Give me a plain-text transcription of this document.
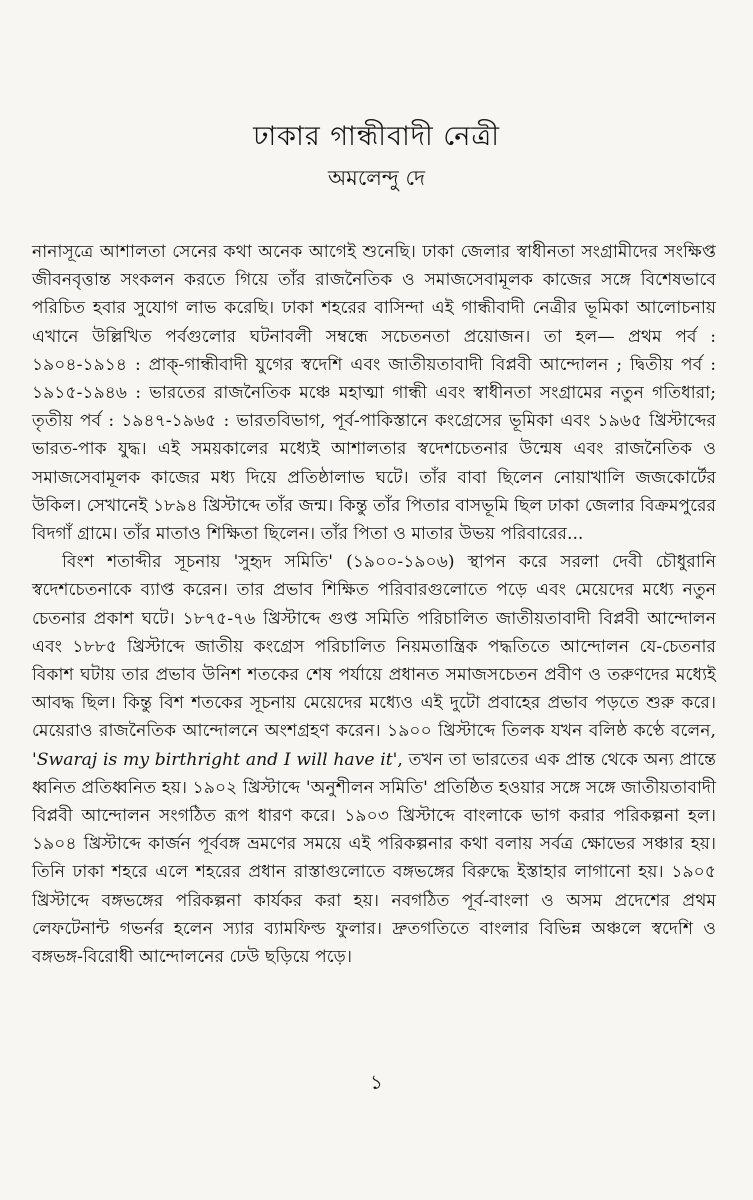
ঢাকার গান্ধীবাদী নেত্রী
অমলেন্দু দে

নানাসূত্রে আশালতা সেনের কথা অনেক আগেই শুনেছি। ঢাকা জেলার স্বাধীনতা সংগ্রামীদের সংক্ষিপ্ত জীবনবৃত্তান্ত সংকলন করতে গিয়ে তাঁর রাজনৈতিক ও সমাজসেবামূলক কাজের সঙ্গে বিশেষভাবে পরিচিত হবার সুযোগ লাভ করেছি। ঢাকা শহরের বাসিন্দা এই গান্ধীবাদী নেত্রীর ভূমিকা আলোচনায় এখানে উল্লিখিত পর্বগুলোর ঘটনাবলী সম্বন্ধে সচেতনতা প্রয়োজন। তা হল— প্রথম পর্ব : ১৯০৪-১৯১৪ : প্রাক্-গান্ধীবাদী যুগের স্বদেশি এবং জাতীয়তাবাদী বিপ্লবী আন্দোলন ; দ্বিতীয় পর্ব : ১৯১৫-১৯৪৬ : ভারতের রাজনৈতিক মঞ্চে মহাত্মা গান্ধী এবং স্বাধীনতা সংগ্রামের নতুন গতিধারা; তৃতীয় পর্ব : ১৯৪৭-১৯৬৫ : ভারতবিভাগ, পূর্ব-পাকিস্তানে কংগ্রেসের ভূমিকা এবং ১৯৬৫ খ্রিস্টাব্দের ভারত-পাক যুদ্ধ। এই সময়কালের মধ্যেই আশালতার স্বদেশচেতনার উন্মেষ এবং রাজনৈতিক ও সমাজসেবামূলক কাজের মধ্য দিয়ে প্রতিষ্ঠালাভ ঘটে। তাঁর বাবা ছিলেন নোয়াখালি জজকোর্টের উকিল। সেখানেই ১৮৯৪ খ্রিস্টাব্দে তাঁর জন্ম। কিন্তু তাঁর পিতার বাসভূমি ছিল ঢাকা জেলার বিক্রমপুরের বিদগাঁ গ্রামে। তাঁর মাতাও শিক্ষিতা ছিলেন। তাঁর পিতা ও মাতার উভয় পরিবারের...

বিংশ শতাব্দীর সূচনায় 'সুহৃদ সমিতি' (১৯০০-১৯০৬) স্থাপন করে সরলা দেবী চৌধুরানি স্বদেশচেতনাকে ব্যাপ্ত করেন। তার প্রভাব শিক্ষিত পরিবারগুলোতে পড়ে এবং মেয়েদের মধ্যে নতুন চেতনার প্রকাশ ঘটে। ১৮৭৫-৭৬ খ্রিস্টাব্দে গুপ্ত সমিতি পরিচালিত জাতীয়তাবাদী বিপ্লবী আন্দোলন এবং ১৮৮৫ খ্রিস্টাব্দে জাতীয় কংগ্রেস পরিচালিত নিয়মতান্ত্রিক পদ্ধতিতে আন্দোলন যে-চেতনার বিকাশ ঘটায় তার প্রভাব উনিশ শতকের শেষ পর্যায়ে প্রধানত সমাজসচেতন প্রবীণ ও তরুণদের মধ্যেই আবদ্ধ ছিল। কিন্তু বিশ শতকের সূচনায় মেয়েদের মধ্যেও এই দুটো প্রবাহের প্রভাব পড়তে শুরু করে। মেয়েরাও রাজনৈতিক আন্দোলনে অংশগ্রহণ করেন। ১৯০০ খ্রিস্টাব্দে তিলক যখন বলিষ্ঠ কণ্ঠে বলেন, 'Swaraj is my birthright and I will have it', তখন তা ভারতের এক প্রান্ত থেকে অন্য প্রান্তে ধ্বনিত প্রতিধ্বনিত হয়। ১৯০২ খ্রিস্টাব্দে 'অনুশীলন সমিতি' প্রতিষ্ঠিত হওয়ার সঙ্গে সঙ্গে জাতীয়তাবাদী বিপ্লবী আন্দোলন সংগঠিত রূপ ধারণ করে। ১৯০৩ খ্রিস্টাব্দে বাংলাকে ভাগ করার পরিকল্পনা হল। ১৯০৪ খ্রিস্টাব্দে কার্জন পূর্ববঙ্গ ভ্রমণের সময়ে এই পরিকল্পনার কথা বলায় সর্বত্র ক্ষোভের সঞ্চার হয়। তিনি ঢাকা শহরে এলে শহরের প্রধান রাস্তাগুলোতে বঙ্গভঙ্গের বিরুদ্ধে ইস্তাহার লাগানো হয়। ১৯০৫ খ্রিস্টাব্দে বঙ্গভঙ্গের পরিকল্পনা কার্যকর করা হয়। নবগঠিত পূর্ব-বাংলা ও অসম প্রদেশের প্রথম লেফটেনান্ট গভর্নর হলেন স্যার ব্যামফিল্ড ফুলার। দ্রুতগতিতে বাংলার বিভিন্ন অঞ্চলে স্বদেশি ও বঙ্গভঙ্গ-বিরোধী আন্দোলনের ঢেউ ছড়িয়ে পড়ে।

১
